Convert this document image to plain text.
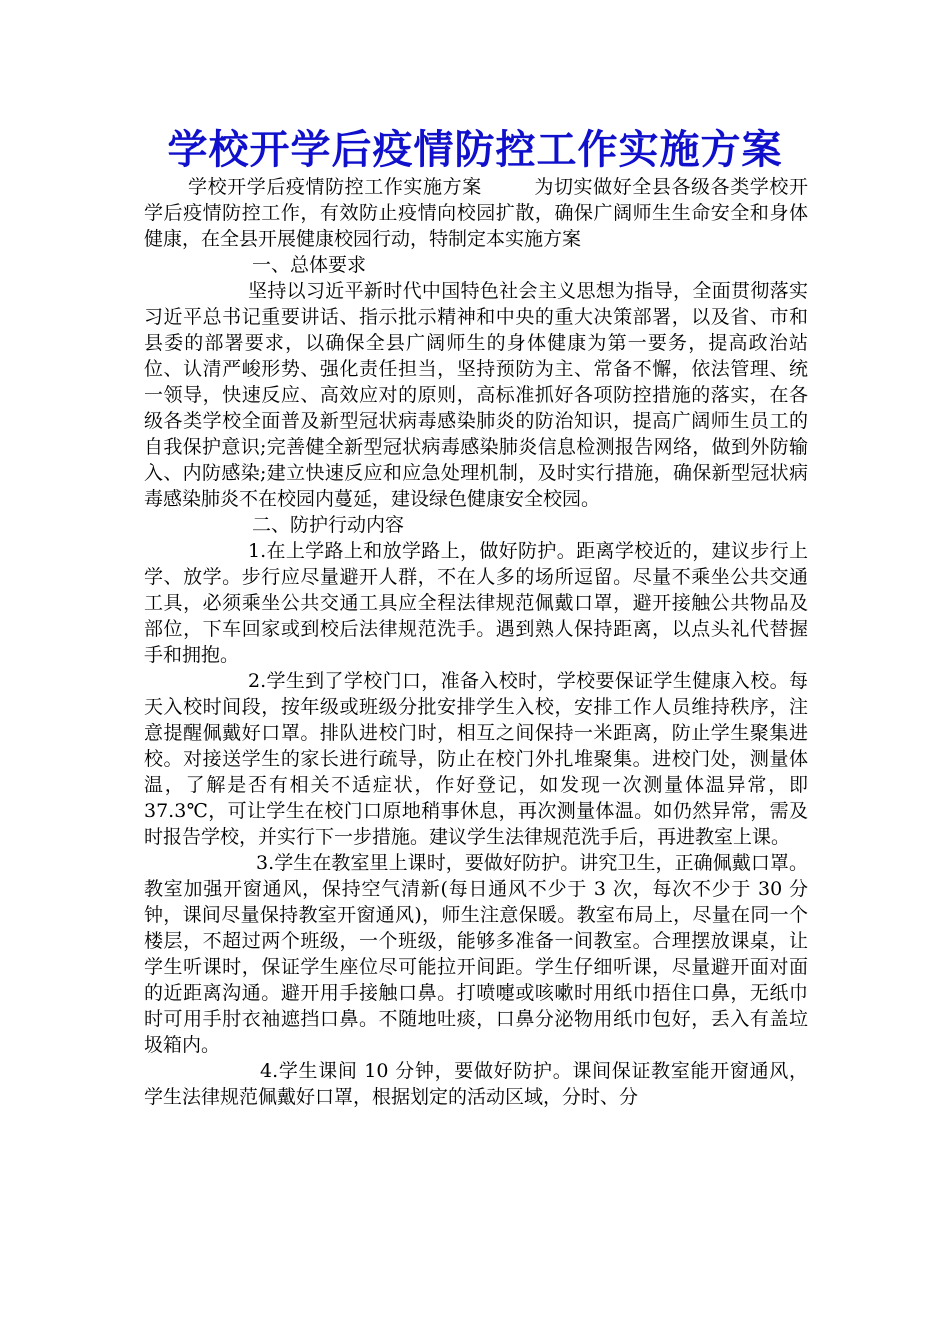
学校开学后疫情防控工作实施方案

学校开学后疫情防控工作实施方案	为切实做好全县各级各类学校开学后疫情防控工作，有效防止疫情向校园扩散，确保广阔师生生命安全和身体健康，在全县开展健康校园行动，特制定本实施方案

一、总体要求

坚持以习近平新时代中国特色社会主义思想为指导，全面贯彻落实习近平总书记重要讲话、指示批示精神和中央的重大决策部署，以及省、市和县委的部署要求，以确保全县广阔师生的身体健康为第一要务，提高政治站位、认清严峻形势、强化责任担当，坚持预防为主、常备不懈，依法管理、统一领导，快速反应、高效应对的原则，高标准抓好各项防控措施的落实，在各级各类学校全面普及新型冠状病毒感染肺炎的防治知识，提高广阔师生员工的自我保护意识;完善健全新型冠状病毒感染肺炎信息检测报告网络，做到外防输入、内防感染;建立快速反应和应急处理机制，及时实行措施，确保新型冠状病毒感染肺炎不在校园内蔓延，建设绿色健康安全校园。

二、防护行动内容

1.在上学路上和放学路上，做好防护。距离学校近的，建议步行上学、放学。步行应尽量避开人群，不在人多的场所逗留。尽量不乘坐公共交通工具，必须乘坐公共交通工具应全程法律规范佩戴口罩，避开接触公共物品及部位，下车回家或到校后法律规范洗手。遇到熟人保持距离，以点头礼代替握手和拥抱。

2.学生到了学校门口，准备入校时，学校要保证学生健康入校。每天入校时间段，按年级或班级分批安排学生入校，安排工作人员维持秩序，注意提醒佩戴好口罩。排队进校门时，相互之间保持一米距离，防止学生聚集进校。对接送学生的家长进行疏导，防止在校门外扎堆聚集。进校门处，测量体温，了解是否有相关不适症状，作好登记，如发现一次测量体温异常，即 37.3℃，可让学生在校门口原地稍事休息，再次测量体温。如仍然异常，需及时报告学校，并实行下一步措施。建议学生法律规范洗手后，再进教室上课。

3.学生在教室里上课时，要做好防护。讲究卫生，正确佩戴口罩。教室加强开窗通风，保持空气清新(每日通风不少于 3 次，每次不少于 30 分钟，课间尽量保持教室开窗通风)，师生注意保暖。教室布局上，尽量在同一个楼层，不超过两个班级，一个班级，能够多准备一间教室。合理摆放课桌，让学生听课时，保证学生座位尽可能拉开间距。学生仔细听课，尽量避开面对面的近距离沟通。避开用手接触口鼻。打喷嚏或咳嗽时用纸巾捂住口鼻，无纸巾时可用手肘衣袖遮挡口鼻。不随地吐痰，口鼻分泌物用纸巾包好，丢入有盖垃圾箱内。

4.学生课间 10 分钟，要做好防护。课间保证教室能开窗通风，学生法律规范佩戴好口罩，根据划定的活动区域，分时、分
